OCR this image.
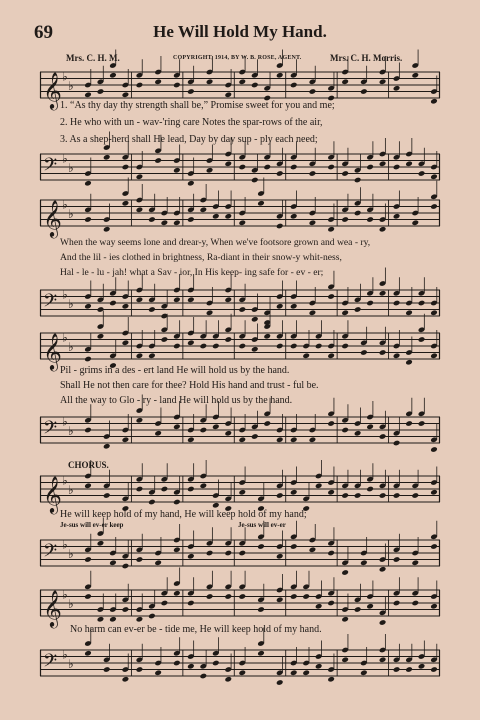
69	He Will Hold My Hand.
Mrs. C. H. M.	COPYRIGHT, 1914, BY W. B. ROSE, AGENT.	Mrs. C. H. Morris.
𝄞 ♭
♭
1. “As thy day thy strength shall be,” Promise sweet for you and me;
2. He who with un - wav-'ring care Notes the spar-rows of the air,
3. As a shep-herd shall He lead, Day by day sup - ply each need;
𝄢 ♭
♭
𝄞 ♭
♭
When the way seems lone and drear-y, When we've footsore grown and wea - ry,
And the lil - ies clothed in brightness, Ra-diant in their snow-y whit-ness,
Hal - le - lu - jah! what a Sav - ior, In His keep- ing safe for - ev - er;
𝄢 ♭
♭
𝄞 ♭
♭
Pil - grims in a des - ert land He will hold us by the hand.
Shall He not then care for thee? Hold His hand and trust - ful be.
All the way to Glo - ry - land He will hold us by the hand.
𝄢 ♭
♭
CHORUS.
𝄞 ♭
♭
He will keep hold of my hand, He will keep hold of my hand;
Je-sus will ev-er keep	Je-sus will ev-er
𝄢 ♭
♭
𝄞 ♭
♭
No harm can ev-er be - tide me, He will keep hold of my hand.
𝄢 ♭
♭
